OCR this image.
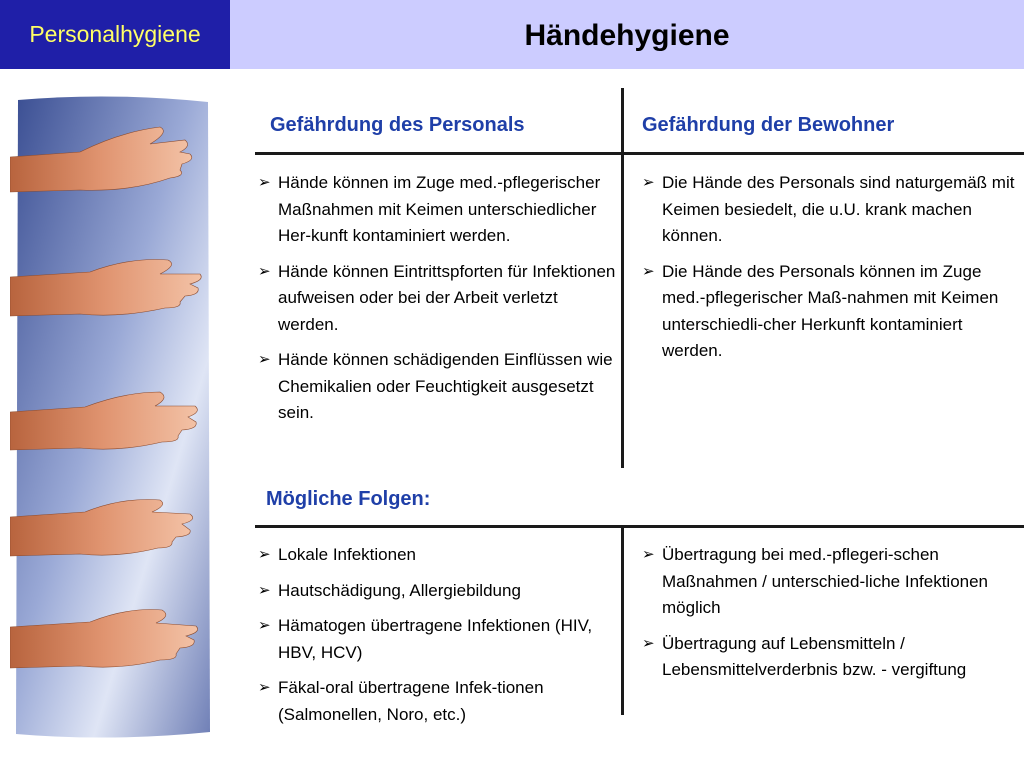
Personalhygiene	Händehygiene
Gefährdung des Personals	Gefährdung der Bewohner
➢ Hände können im Zuge med.-pflegerischer Maßnahmen mit Keimen unterschiedlicher Her-kunft kontaminiert werden.
➢ Hände können Eintrittspforten für Infektionen aufweisen oder bei der Arbeit verletzt werden.
➢ Hände können schädigenden Einflüssen wie Chemikalien oder Feuchtigkeit ausgesetzt sein.
➢ Die Hände des Personals sind naturgemäß mit Keimen besiedelt, die u.U. krank machen können.
➢ Die Hände des Personals können im Zuge med.-pflegerischer Maß-nahmen mit Keimen unterschiedli-cher Herkunft kontaminiert werden.
Mögliche Folgen:
➢ Lokale Infektionen
➢ Hautschädigung, Allergiebildung
➢ Hämatogen übertragene Infektionen (HIV, HBV, HCV)
➢ Fäkal-oral übertragene Infek-tionen (Salmonellen, Noro, etc.)
➢ Übertragung bei med.-pflegeri-schen Maßnahmen / unterschied-liche Infektionen möglich
➢ Übertragung auf Lebensmitteln / Lebensmittelverderbnis bzw. - vergiftung
